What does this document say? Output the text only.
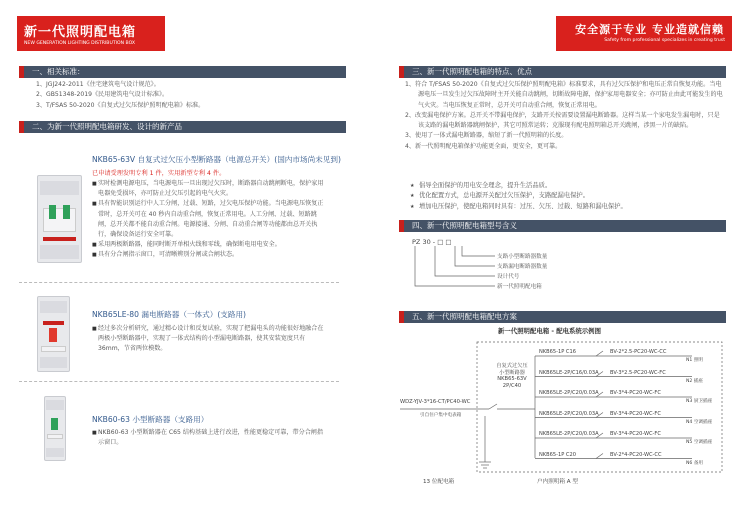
新一代照明配电箱
NEW GENERATION LIGHTING DISTRIBUTION BOX
安全源于专业 专业造就信赖
Safety from professional specializes in creating trust
一、相关标准：
1、JGJ242-2011《住宅建筑电气设计规范》。
2、GB51348-2019《民用建筑电气设计标准》。
3、T/FSAS 50-2020《自复式过欠压保护照明配电箱》标准。
二、为新一代照明配电箱研发、设计的新产品
NKB65-63V 自复式过欠压小型断路器（电源总开关）(国内市场尚未见到)
已申请受理发明专利 1 件，实用新型专利 4 件。
■ 实时检测电源电压，当电源电压一旦出现过欠压时，断路器自动跳闸断电，保护家用电器免受损坏，亦可防止过欠压引起的电气火灾。
■ 具有智能识别运行中人工分闸，过载、短路，过欠电压保护功能。当电源电压恢复正常时，总开关可在 40 秒内自动重合闸，恢复正常用电。人工分闸、过载、短路跳闸，总开关都不能自动重合闸。电源接通、分闸、自动重合闸等功能都由总开关执行，确保设备运行安全可靠。
■ 采用两极断路器，能同时断开单相火线和零线，确保断电用电安全。
■ 具有分合闸指示窗口，可清晰辨别分闸或合闸状态。
NKB65LE-80 漏电断路器（一体式）(支路用)
■ 经过多次分析研究，通过精心设计和反复试验，实现了把漏电头的功能很好地融合在两极小型断路器中，实现了一体式结构的小型漏电断路器，使其安装宽度只有 36mm，节省两位模数。
NKB60-63 小型断路器（支路用）
■ NKB60-63 小型断路器在 C65 结构基础上进行改进，性能更稳定可靠，带分合闸指示窗口。
三、新一代照明配电箱的特点、优点
1、符合 T/FSAS 50-2020《自复式过欠压保护照明配电箱》标准要求，具有过欠压保护和电压正常自恢复功能。当电源电压一旦发生过欠压故障时主开关能自动跳闸，切断故障电源，保护家用电器安全；亦可防止由此可能发生的电气火灾。当电压恢复正常时，总开关可自动重合闸，恢复正常用电。
2、改变漏电保护方案。总开关不带漏电保护，支路开关按需要设置漏电断路器。这样当某一个家电发生漏电时，只是该支路的漏电断路器跳闸保护，其它可照常运转；克服现有配电照明箱总开关跳闸，涉黑一片的缺陷。
3、使用了一体式漏电断路器，缩短了新一代照明箱的长度。
4、新一代照明配电箱保护功能更全面，更安全，更可靠。
★ 倡导全面保护的用电安全理念，提升生活品质。
★ 优化配置方式，总电源开关配过欠压保护，支路配漏电保护。
★ 增加电压保护，使配电箱同时具有：过压、欠压、过载、短路和漏电保护。
四、新一代照明配电箱型号含义
PZ 30 - □ □
支路小型断路器数量
支路漏电断路器数量
设计代号
新一代照明配电箱
五、新一代照明配电箱配电方案
新一代照明配电箱 - 配电系统示例图
自复式过欠压
小型断路器
NKB65-63V
2P/C40
WDZ-YJV-3*16-CT/PC40-WC
引自住户集中电表箱
NKB65-1P C16	BV-2*2.5-PC20-WC-CC
N1 照明
NKB65LE-2P/C16/0.03A BV-3*2.5-PC20-WC-FC
N2 插座
NKB65LE-2P/C20/0.03A BV-3*4-PC20-WC-FC
N3 厨卫插座
NKB65LE-2P/C20/0.03A BV-3*4-PC20-WC-FC
N4 空调插座
NKB65LE-2P/C20/0.03A BV-3*4-PC20-WC-FC
N5 空调插座
NKB65-1P C20	BV-2*4-PC20-WC-CC
N6 备用
13 位配电箱	户内照明箱 A 型
